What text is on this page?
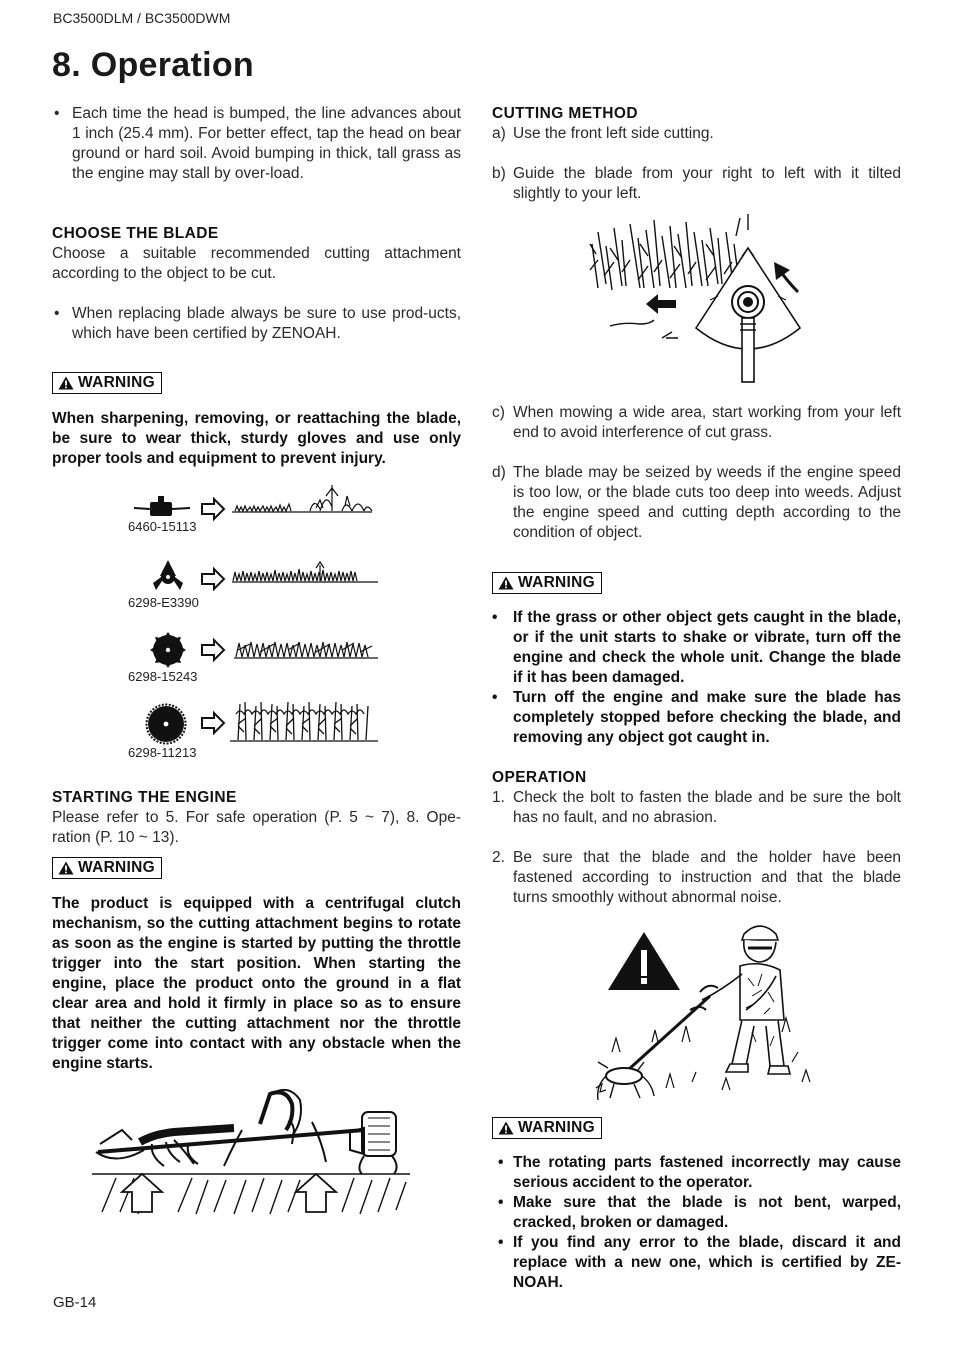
BC3500DLM / BC3500DWM
8. Operation

• Each time the head is bumped, the line advances about 1 inch (25.4 mm). For better effect, tap the head on bear ground or hard soil. Avoid bumping in thick, tall grass as the engine may stall by over-load.

CHOOSE THE BLADE

Choose a suitable recommended cutting attachment according to the object to be cut.

• When replacing blade always be sure to use prod-ucts, which have been certified by ZENOAH.

WARNING

When sharpening, removing, or reattaching the blade, be sure to wear thick, sturdy gloves and use only proper tools and equipment to prevent injury.

6460-15113
6298-E3390
6298-15243
6298-11213

STARTING THE ENGINE

Please refer to 5. For safe operation (P. 5 ~ 7), 8. Ope-ration (P. 10 ~ 13).

WARNING

The product is equipped with a centrifugal clutch mechanism, so the cutting attachment begins to rotate as soon as the engine is started by putting the throttle trigger into the start position. When starting the engine, place the product onto the ground in a flat clear area and hold it firmly in place so as to ensure that neither the cutting attachment nor the throttle trigger come into contact with any obstacle when the engine starts.

CUTTING METHOD

a) Use the front left side cutting.

b) Guide the blade from your right to left with it tilted slightly to your left.

c) When mowing a wide area, start working from your left end to avoid interference of cut grass.

d) The blade may be seized by weeds if the engine speed is too low, or the blade cuts too deep into weeds. Adjust the engine speed and cutting depth according to the condition of object.

WARNING

• If the grass or other object gets caught in the blade, or if the unit starts to shake or vibrate, turn off the engine and check the whole unit. Change the blade if it has been damaged.

• Turn off the engine and make sure the blade has completely stopped before checking the blade, and removing any object got caught in.

OPERATION

1. Check the bolt to fasten the blade and be sure the bolt has no fault, and no abrasion.

2. Be sure that the blade and the holder have been fastened according to instruction and that the blade turns smoothly without abnormal noise.

WARNING

• The rotating parts fastened incorrectly may cause serious accident to the operator.

• Make sure that the blade is not bent, warped, cracked, broken or damaged.

• If you find any error to the blade, discard it and replace with a new one, which is certified by ZE-NOAH.

GB-14
